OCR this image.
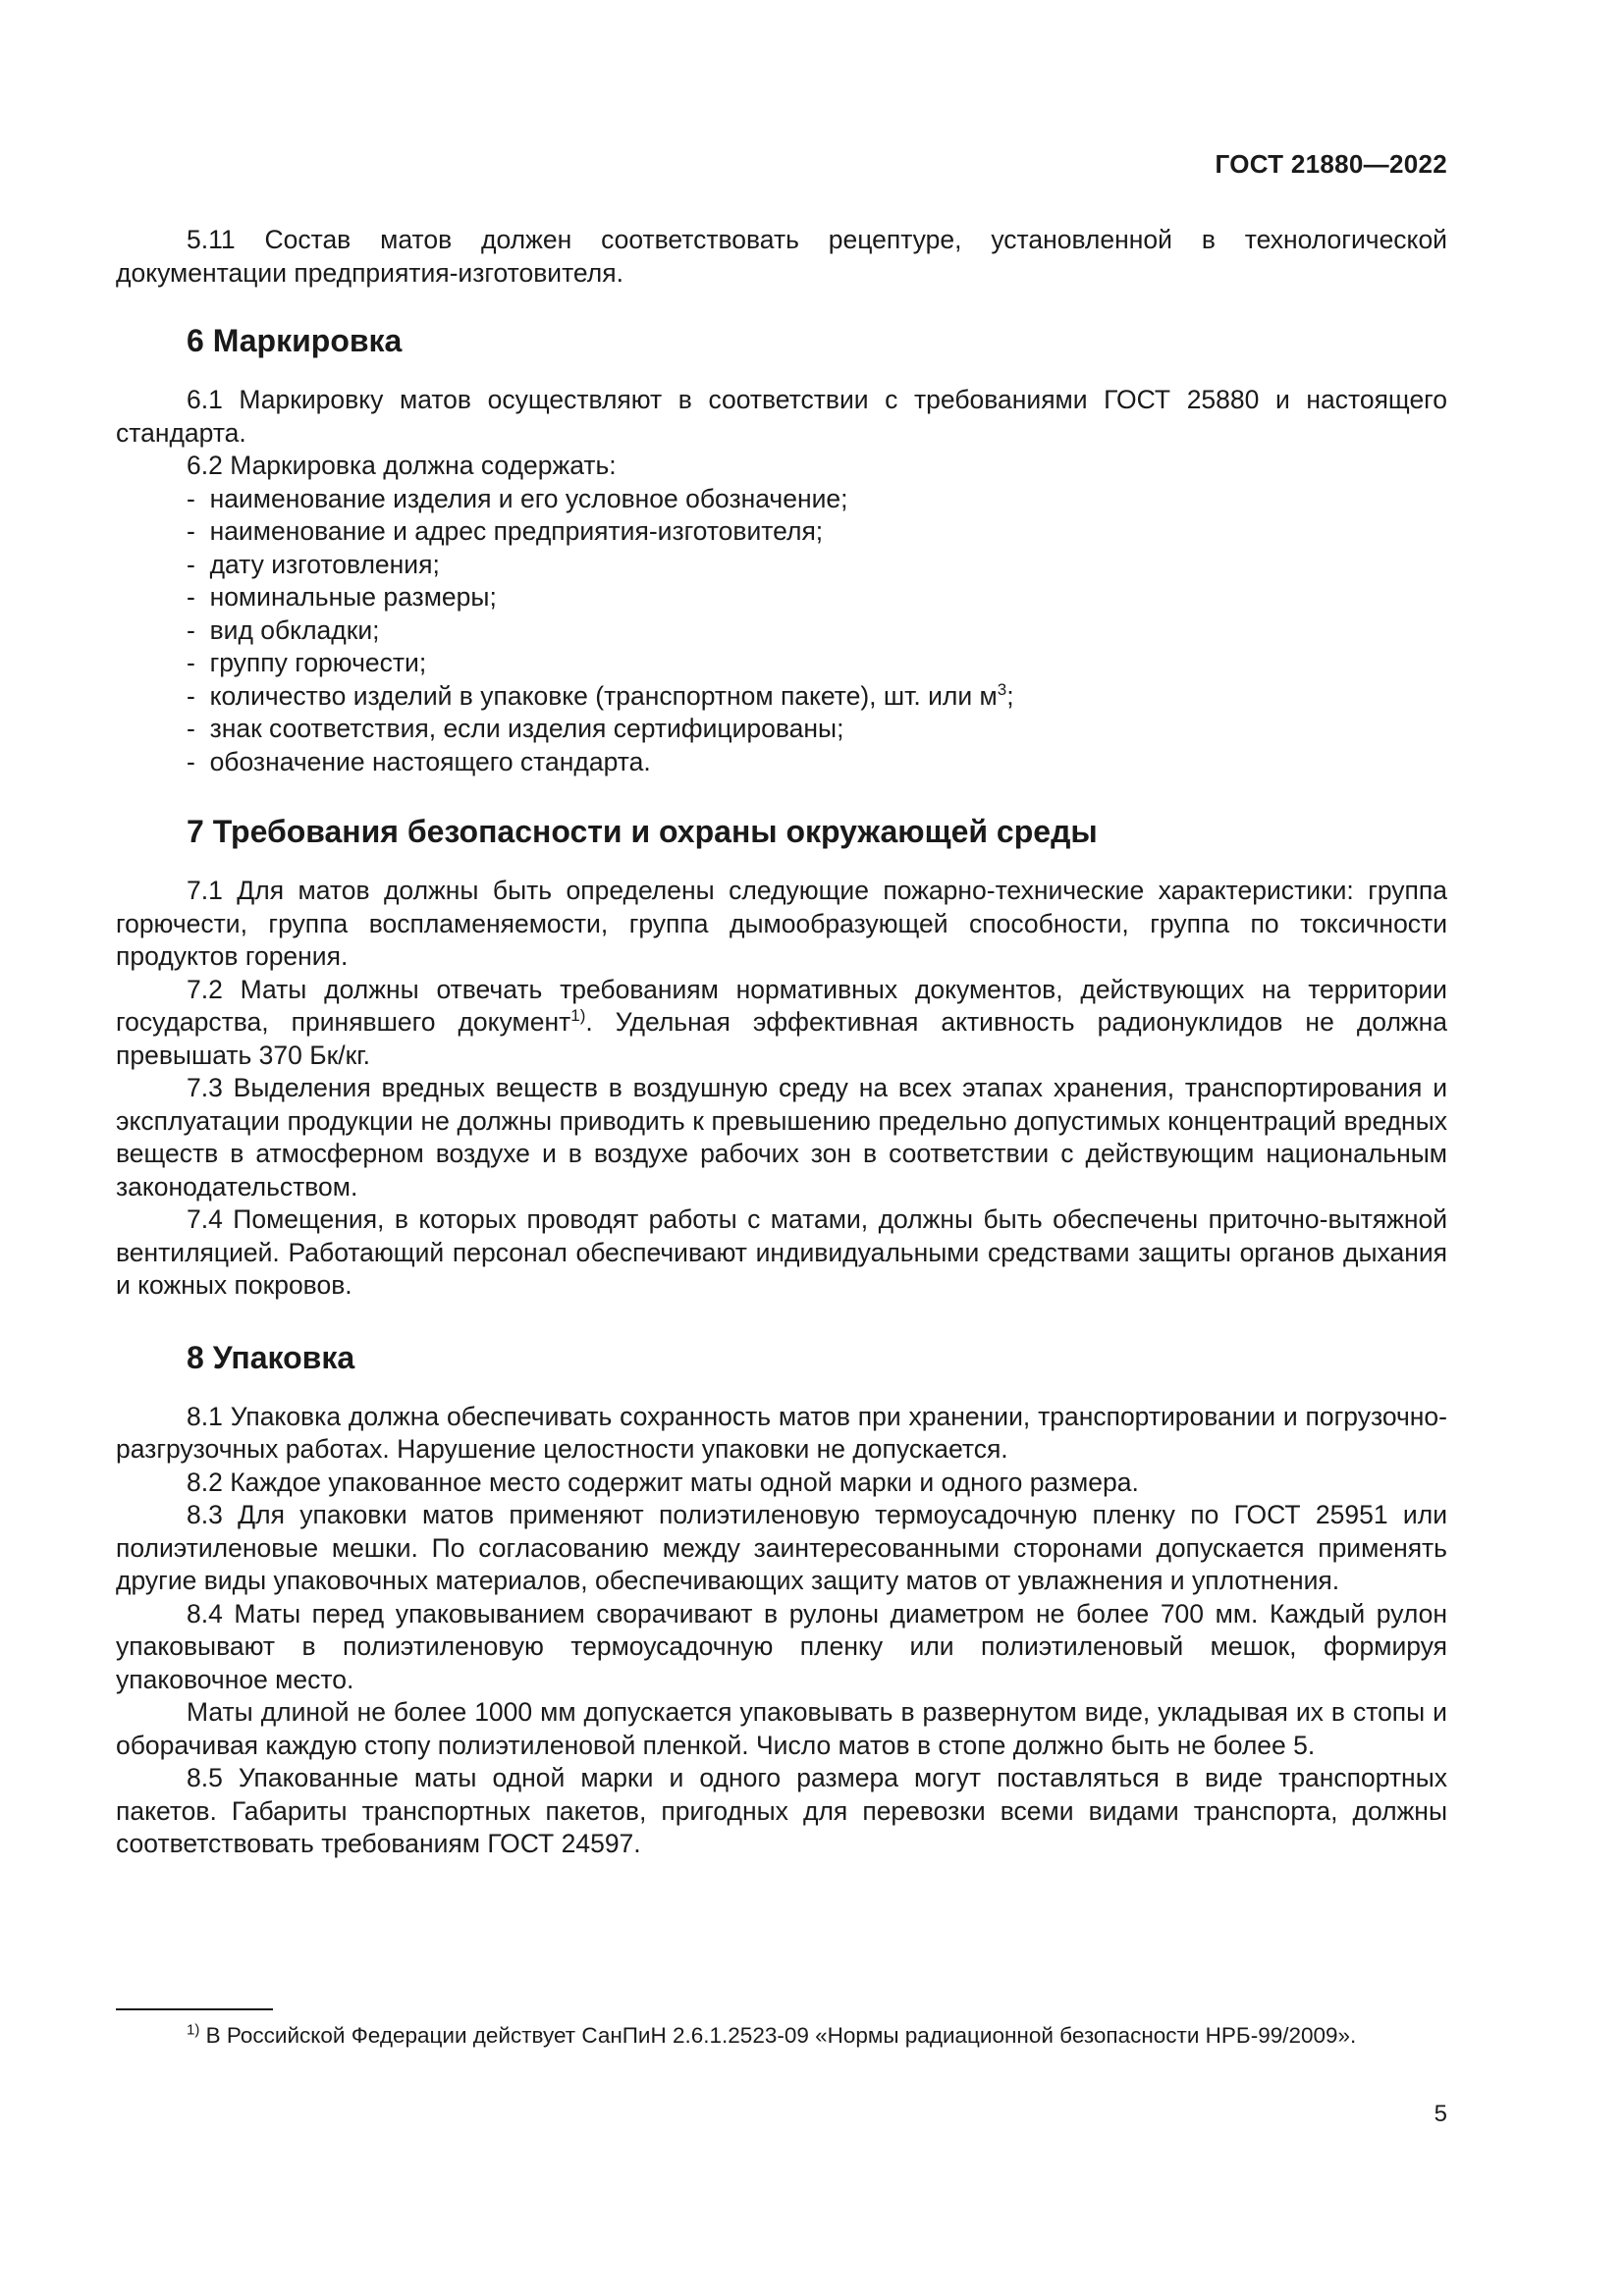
ГОСТ 21880—2022

5.11 Состав матов должен соответствовать рецептуре, установленной в технологической документации предприятия-изготовителя.

6 Маркировка

6.1 Маркировку матов осуществляют в соответствии с требованиями ГОСТ 25880 и настоящего стандарта.

6.2 Маркировка должна содержать:

- наименование изделия и его условное обозначение;
- наименование и адрес предприятия-изготовителя;
- дату изготовления;
- номинальные размеры;
- вид обкладки;
- группу горючести;
- количество изделий в упаковке (транспортном пакете), шт. или $м^3$;
- знак соответствия, если изделия сертифицированы;
- обозначение настоящего стандарта.
7 Требования безопасности и охраны окружающей среды

7.1 Для матов должны быть определены следующие пожарно-технические характеристики: группа горючести, группа воспламеняемости, группа дымообразующей способности, группа по токсичности продуктов горения.

7.2 Маты должны отвечать требованиям нормативных документов, действующих на территории государства, принявшего документ$^{1)}$. Удельная эффективная активность радионуклидов не должна превышать 370 Бк/кг.

7.3 Выделения вредных веществ в воздушную среду на всех этапах хранения, транспортирования и эксплуатации продукции не должны приводить к превышению предельно допустимых концентраций вредных веществ в атмосферном воздухе и в воздухе рабочих зон в соответствии с действующим национальным законодательством.

7.4 Помещения, в которых проводят работы с матами, должны быть обеспечены приточно-вытяжной вентиляцией. Работающий персонал обеспечивают индивидуальными средствами защиты органов дыхания и кожных покровов.

8 Упаковка

8.1 Упаковка должна обеспечивать сохранность матов при хранении, транспортировании и погрузочно-разгрузочных работах. Нарушение целостности упаковки не допускается.

8.2 Каждое упакованное место содержит маты одной марки и одного размера.

8.3 Для упаковки матов применяют полиэтиленовую термоусадочную пленку по ГОСТ 25951 или полиэтиленовые мешки. По согласованию между заинтересованными сторонами допускается применять другие виды упаковочных материалов, обеспечивающих защиту матов от увлажнения и уплотнения.

8.4 Маты перед упаковыванием сворачивают в рулоны диаметром не более 700 мм. Каждый рулон упаковывают в полиэтиленовую термоусадочную пленку или полиэтиленовый мешок, формируя упаковочное место.

Маты длиной не более 1000 мм допускается упаковывать в развернутом виде, укладывая их в стопы и оборачивая каждую стопу полиэтиленовой пленкой. Число матов в стопе должно быть не более 5.

8.5 Упакованные маты одной марки и одного размера могут поставляться в виде транспортных пакетов. Габариты транспортных пакетов, пригодных для перевозки всеми видами транспорта, должны соответствовать требованиям ГОСТ 24597.

$^{1)}$ В Российской Федерации действует СанПиН 2.6.1.2523-09 «Нормы радиационной безопасности НРБ-99/2009».
5
